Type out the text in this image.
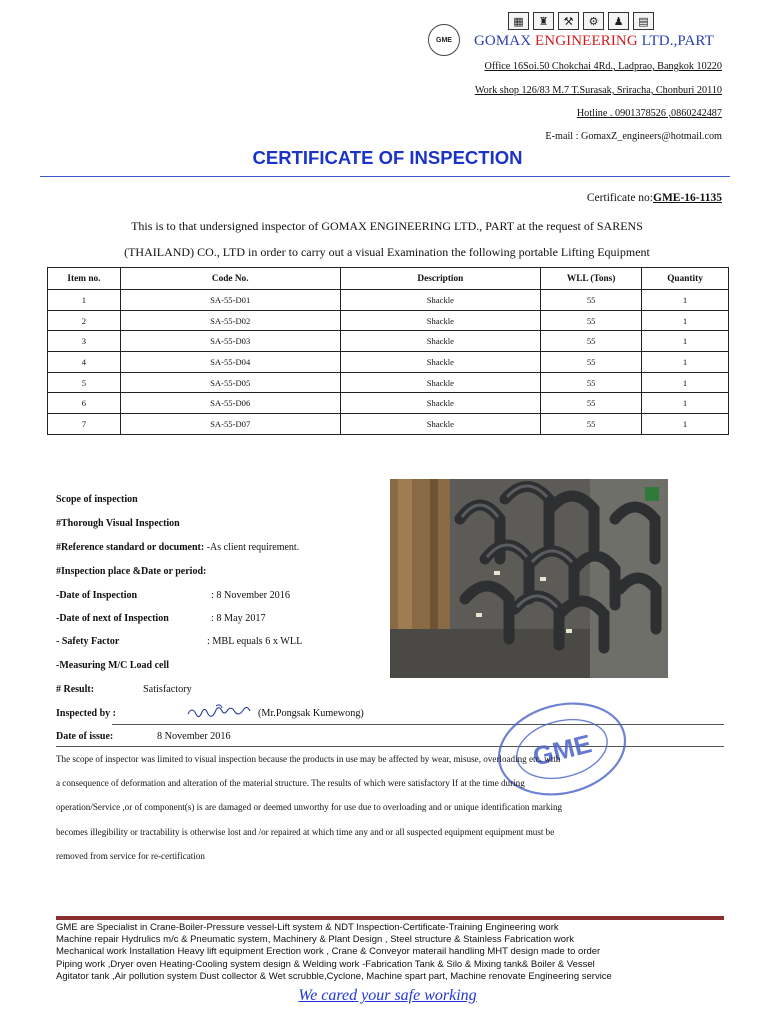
GME
▦	♜	⚒	⚙	♟	▤
GOMAX ENGINEERING LTD.,PART
Office 16Soi.50 Chokchai 4Rd., Ladprao, Bangkok 10220
Work shop 126/83 M.7 T.Surasak, Sriracha, Chonburi 20110
Hotline . 0901378526 ,0860242487
E-mail : GomaxZ_engineers@hotmail.com
CERTIFICATE OF INSPECTION
Certificate no:GME-16-1135
This is to that undersigned inspector of GOMAX ENGINEERING LTD., PART at the request of SARENS
(THAILAND) CO., LTD in order to carry out a visual Examination the following portable Lifting Equipment
Item no.	Code No.	Description	WLL (Tons)	Quantity
1	SA-55-D01	Shackle	55	1
2	SA-55-D02	Shackle	55	1
3	SA-55-D03	Shackle	55	1
4	SA-55-D04	Shackle	55	1
5	SA-55-D05	Shackle	55	1
6	SA-55-D06	Shackle	55	1
7	SA-55-D07	Shackle	55	1
Scope of inspection
#Thorough Visual Inspection
#Reference standard or document: -As client requirement.
#Inspection place &Date or period:
-Date of Inspection	: 8 November 2016
-Date of next of Inspection	: 8 May 2017
- Safety Factor	: MBL equals 6 x WLL
-Measuring M/C Load cell
# Result:	Satisfactory
Inspected by :	(Mr.Pongsak Kumewong)
Date of issue:	8 November 2016	GME
The scope of inspector was limited to visual inspection because the products in use may be affected by wear, misuse, overloading etc. with
a consequence of deformation and alteration of the material structure. The results of which were satisfactory If at the time during
operation/Service ,or of component(s) is are damaged or deemed unworthy for use due to overloading and or unique identification marking
becomes illegibility or tractability is otherwise lost and /or repaired at which time any and or all suspected equipment equipment must be
removed from service for re-certification
GME are Specialist in Crane-Boiler-Pressure vessel-Lift system & NDT Inspection-Certificate-Training Engineering work
Machine repair Hydrulics m/c & Pneumatic system, Machinery & Plant Design , Steel structure & Stainless Fabrication work
Mechanical work Installation Heavy lift equipment Erection work , Crane & Conveyor materail handling MHT design made to order
Piping work ,Dryer oven Heating-Cooling system design & Welding work -Fabrication Tank & Silo & Mixing tank& Boiler & Vessel
Agitator tank ,Air pollution system Dust collector & Wet scrubble,Cyclone, Machine spart part, Machine renovate Engineering service
We cared your safe working
